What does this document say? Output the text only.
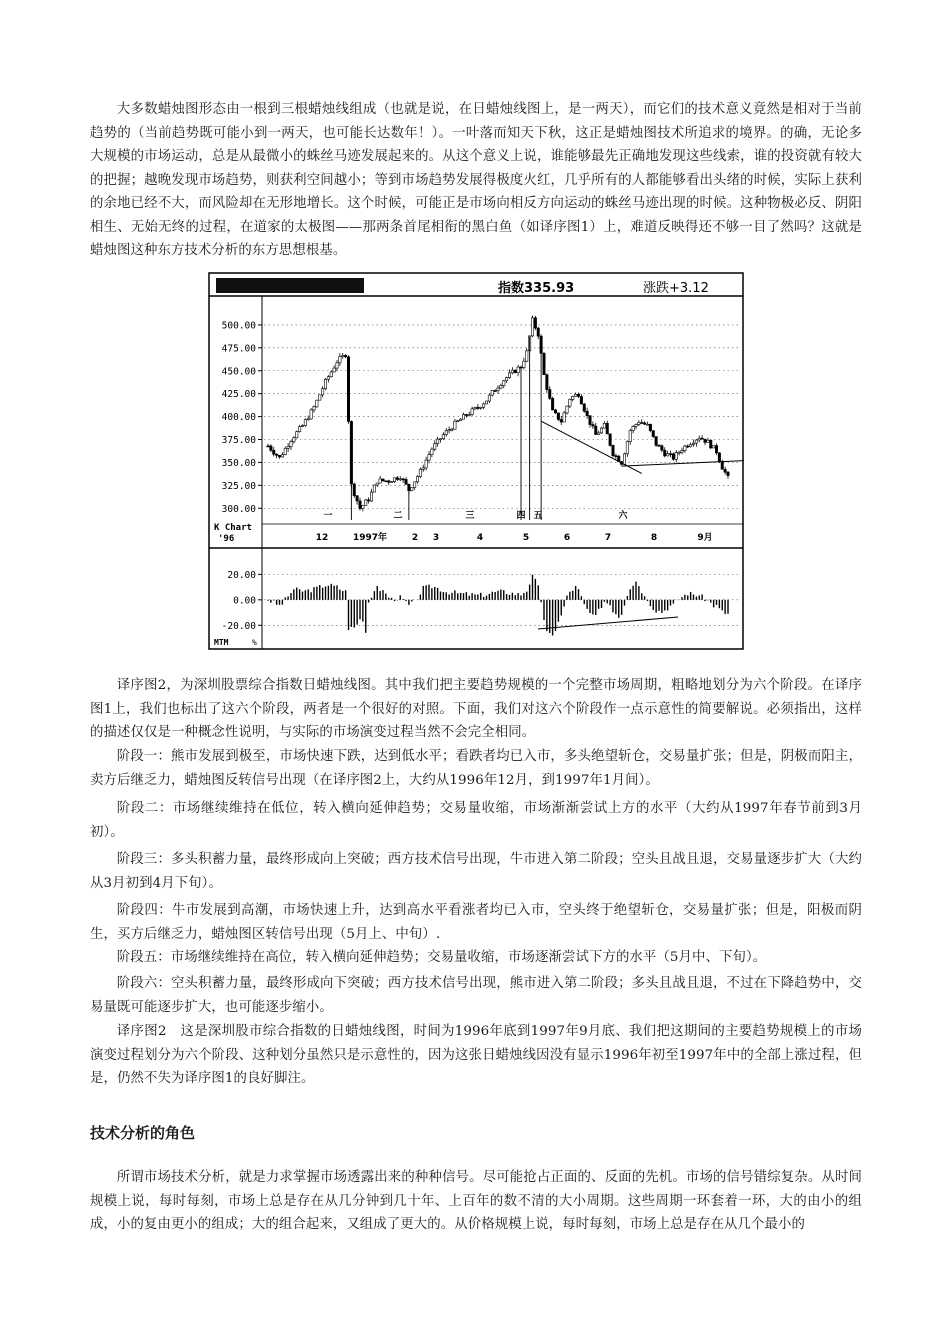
大多数蜡烛图形态由一根到三根蜡烛线组成（也就是说，在日蜡烛线图上，是一两天），而它们的技术意义竟然是相对于当前趋势的（当前趋势既可能小到一两天，也可能长达数年！）。一叶落而知天下秋，这正是蜡烛图技术所追求的境界。的确，无论多大规模的市场运动，总是从最微小的蛛丝马迹发展起来的。从这个意义上说，谁能够最先正确地发现这些线索，谁的投资就有较大的把握；越晚发现市场趋势，则获利空间越小；等到市场趋势发展得极度火红，几乎所有的人都能够看出头绪的时候，实际上获利的余地已经不大，而风险却在无形地增长。这个时候，可能正是市场向相反方向运动的蛛丝马迹出现的时候。这种物极必反、阴阳相生、无始无终的过程，在道家的太极图——那两条首尾相衔的黑白鱼（如译序图1）上，难道反映得还不够一目了然吗？这就是蜡烛图这种东方技术分析的东方思想根基。

指数335.93	涨跌+3.12
500.00
475.00
450.00
425.00
400.00
375.00
350.00
325.00
300.00
一	二	三	四 五	六
12	1997年	2 3	4	5	6	7	8	9月
K Chart
'96
20.00
0.00
-20.00
MTM	%

译序图2，为深圳股票综合指数日蜡烛线图。其中我们把主要趋势规模的一个完整市场周期，粗略地划分为六个阶段。在译序图1上，我们也标出了这六个阶段，两者是一个很好的对照。下面，我们对这六个阶段作一点示意性的简要解说。必须指出，这样的描述仅仅是一种概念性说明，与实际的市场演变过程当然不会完全相同。

阶段一：熊市发展到极至，市场快速下跌，达到低水平；看跌者均已入市，多头绝望斩仓，交易量扩张；但是，阴极而阳主，卖方后继乏力，蜡烛图反转信号出现（在译序图2上，大约从1996年12月，到1997年1月间）。

阶段二：市场继续维持在低位，转入横向延伸趋势；交易量收缩，市场渐渐尝试上方的水平（大约从1997年春节前到3月初）。

阶段三：多头积蓄力量，最终形成向上突破；西方技术信号出现，牛市进入第二阶段；空头且战且退，交易量逐步扩大（大约从3月初到4月下旬）。

阶段四：牛市发展到高潮，市场快速上升，达到高水平看涨者均已入市，空头终于绝望斩仓，交易量扩张；但是，阳极而阴生，买方后继乏力，蜡烛图区转信号出现（5月上、中旬）.

阶段五：市场继续维持在高位，转入横向延伸趋势；交易量收缩，市场逐渐尝试下方的水平（5月中、下旬）。

阶段六：空头积蓄力量，最终形成向下突破；西方技术信号出现，熊市进入第二阶段；多头且战且退，不过在下降趋势中，交易量既可能逐步扩大，也可能逐步缩小。

译序图2　这是深圳股市综合指数的日蜡烛线图，时间为1996年底到1997年9月底、我们把这期间的主要趋势规模上的市场演变过程划分为六个阶段、这种划分虽然只是示意性的，因为这张日蜡烛线因没有显示1996年初至1997年中的全部上涨过程，但是，仍然不失为译序图1的良好脚注。

技术分析的角色

所谓市场技术分析，就是力求掌握市场透露出来的种种信号。尽可能抢占正面的、反面的先机。市场的信号错综复杂。从时间规模上说，每时每刻，市场上总是存在从几分钟到几十年、上百年的数不清的大小周期。这些周期一环套着一环，大的由小的组成，小的复由更小的组成；大的组合起来，又组成了更大的。从价格规模上说，每时每刻，市场上总是存在从几个最小的
